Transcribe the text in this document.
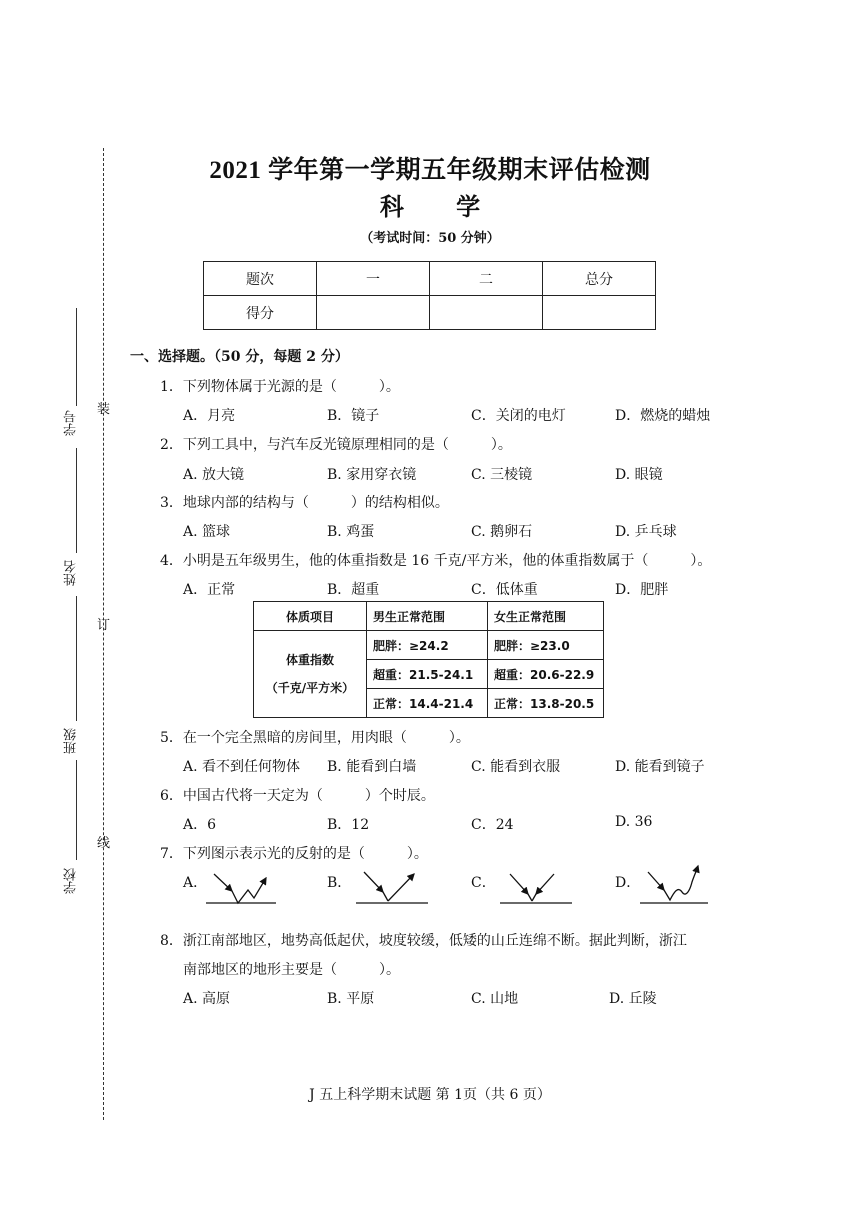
2021 学年第一学期五年级期末评估检测
科 学
（考试时间：50 分钟）
题次	一	二	总分
得分			
装
订
线
学号
姓名
班级
学校
一、选择题。（50 分，每题 2 分）
1．下列物体属于光源的是（　　　）。
A．月亮	B．镜子	C．关闭的电灯	D．燃烧的蜡烛
2．下列工具中，与汽车反光镜原理相同的是（　　　）。
A. 放大镜	B. 家用穿衣镜	C. 三棱镜	D. 眼镜
3．地球内部的结构与（　　　）的结构相似。
A. 篮球	B. 鸡蛋	C. 鹅卵石	D. 乒乓球
4．小明是五年级男生，他的体重指数是 16 千克/平方米，他的体重指数属于（　　　）。
A．正常	B．超重	C．低体重	D．肥胖
体质项目	男生正常范围	女生正常范围

体重指数
（千克/平方米）	肥胖：≥24.2	肥胖：≥23.0
	超重：21.5-24.1	超重：20.6-22.9
	正常：14.4-21.4	正常：13.8-20.5
5．在一个完全黑暗的房间里，用肉眼（　　　）。
A. 看不到任何物体 B. 能看到白墙	C. 能看到衣服	D. 能看到镜子
6．中国古代将一天定为（　　　）个时辰。
A．6	B．12	C．24	D. 36
7．下列图示表示光的反射的是（　　　）。
A．	B．	C．	D．
8．浙江南部地区，地势高低起伏，坡度较缓，低矮的山丘连绵不断。据此判断，浙江
南部地区的地形主要是（　　　）。
A. 高原	B. 平原	C. 山地	D. 丘陵
J 五上科学期末试题 第 1页（共 6 页）
